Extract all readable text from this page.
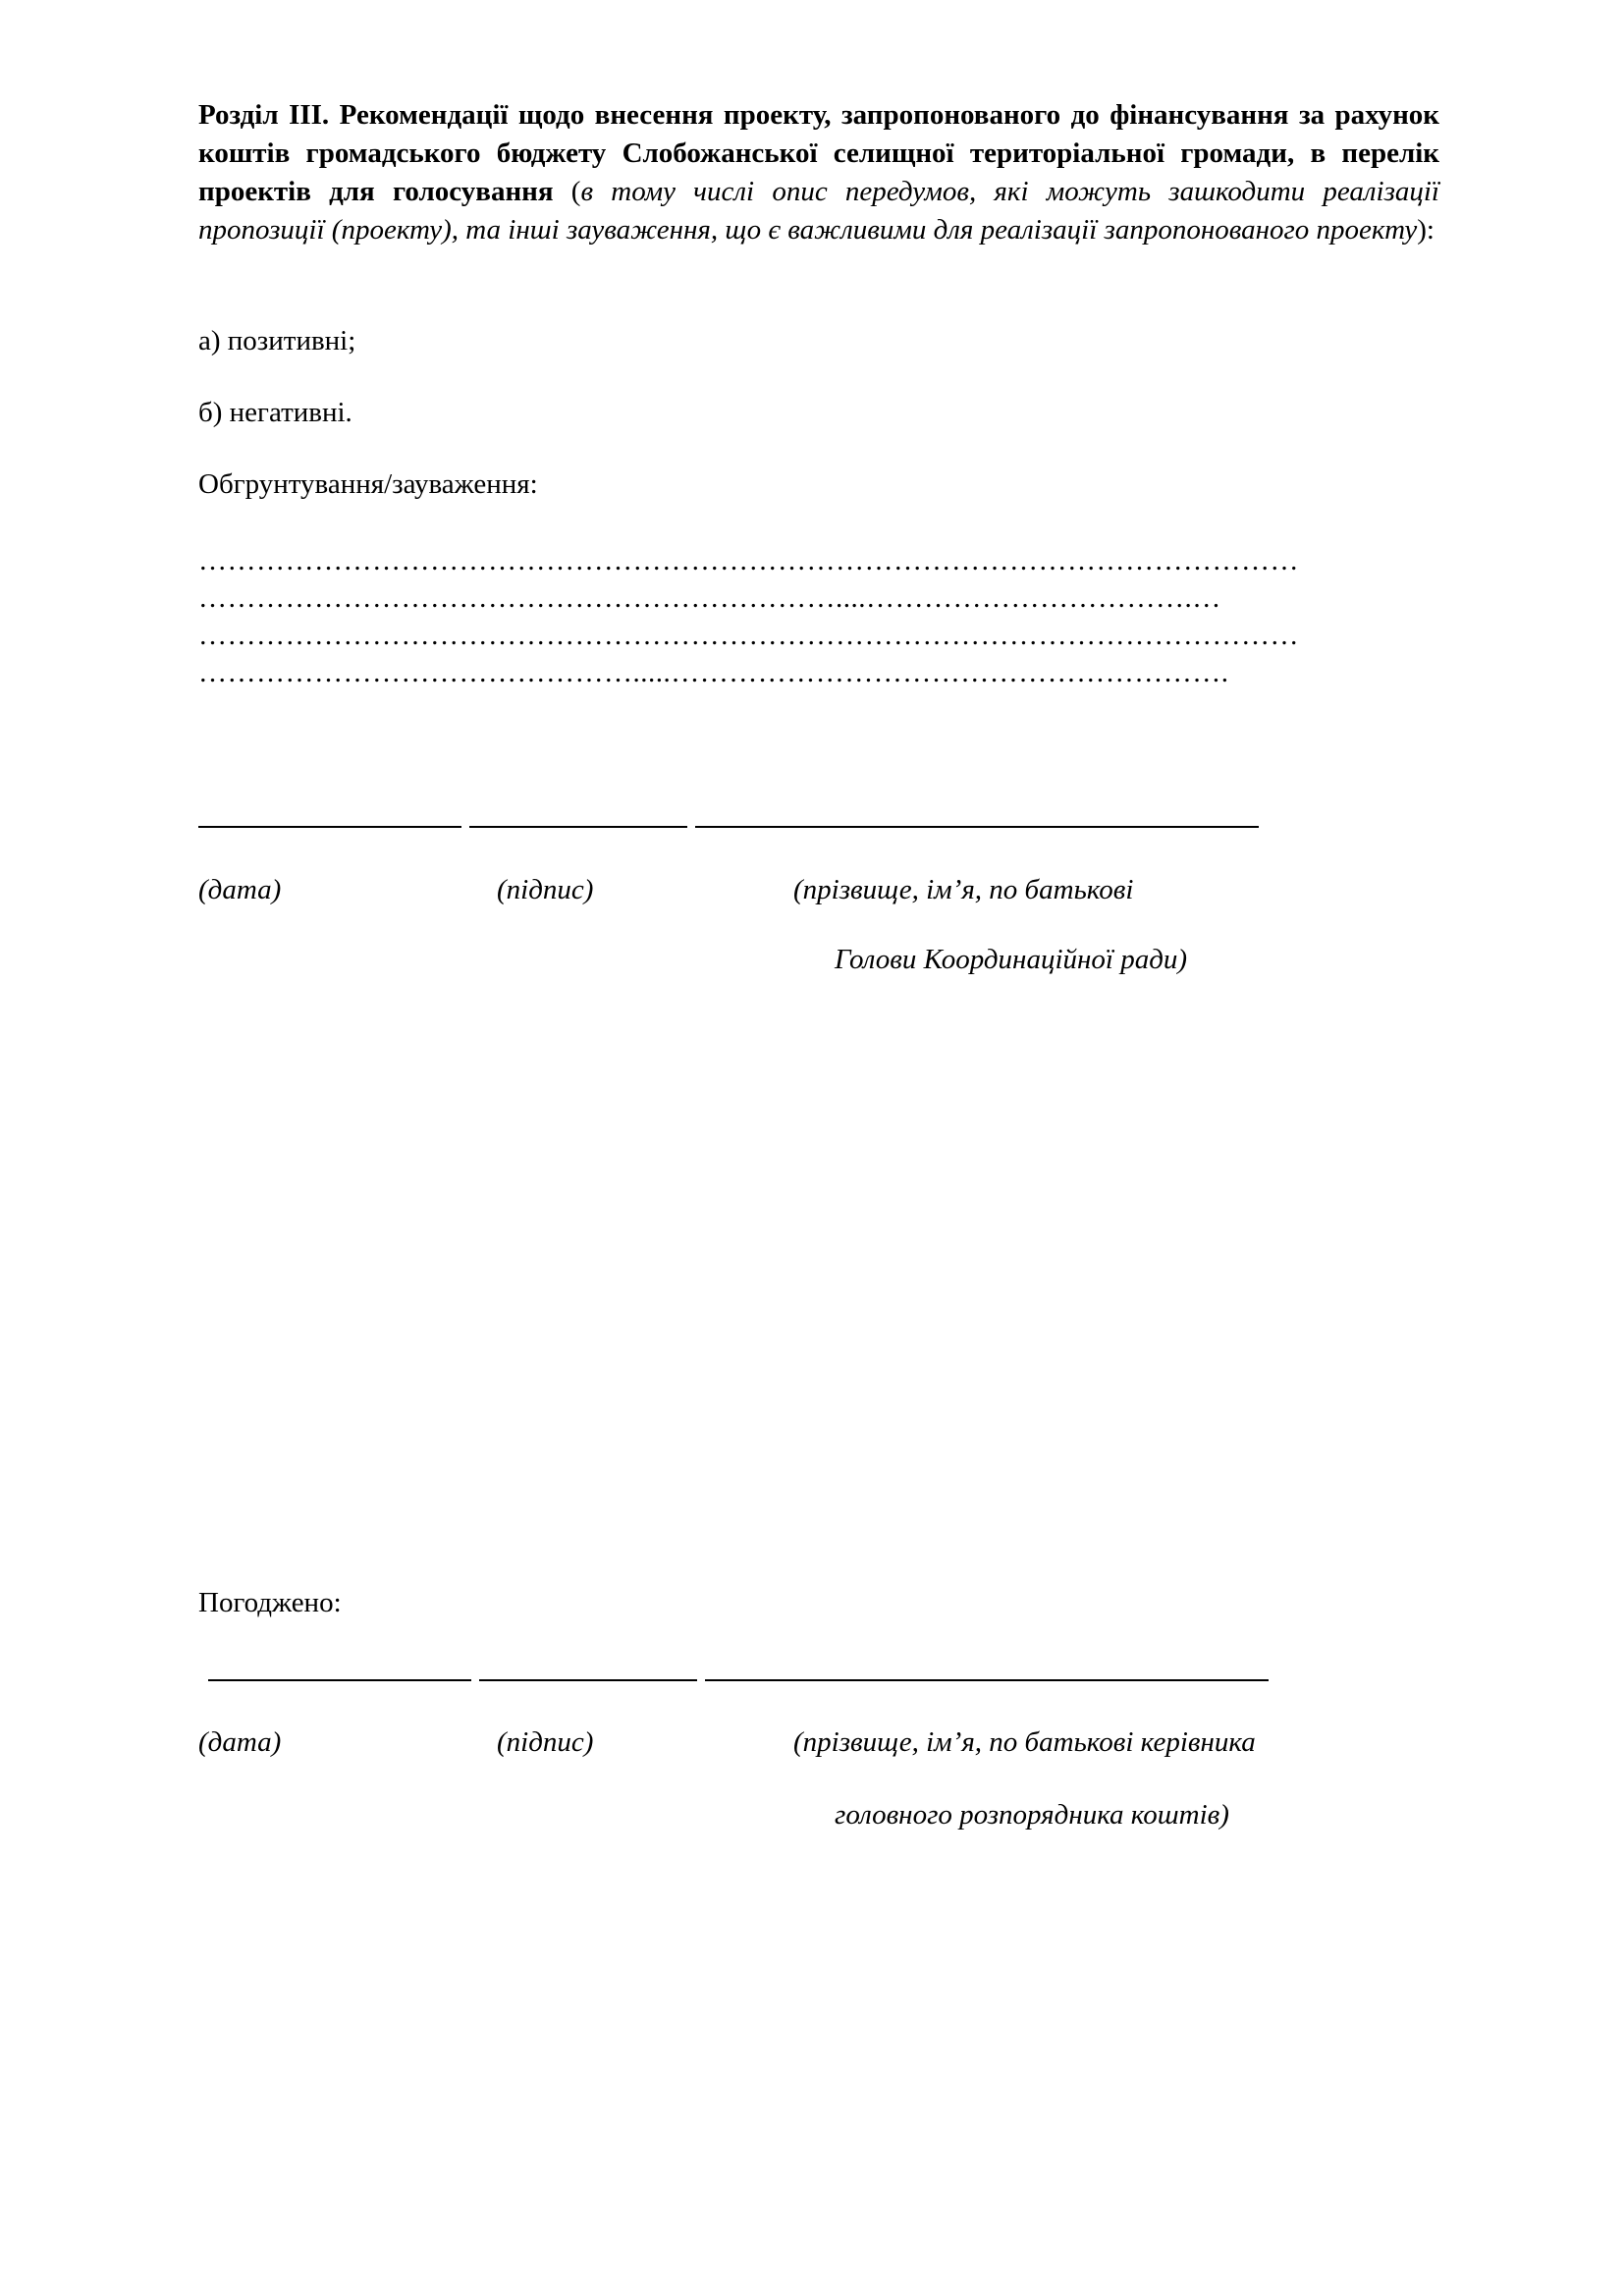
Розділ ІІІ. Рекомендації щодо внесення проекту, запропонованого до фінансування за рахунок коштів громадського бюджету Слобожанської селищної територіальної громади, в перелік проектів для голосування (в тому числі опис передумов, які можуть зашкодити реалізації пропозиції (проекту), та інші зауваження, що є важливими для реалізації запропонованого проекту):
а) позитивні;
б) негативні.
Обгрунтування/зауваження:
……………………………………………………………………………………………………
…………………………………………………………....…………………………….…
……………………………………………………………………………………………………
……………………………………….....………………………………………………….
(дата)	(підпис)	(прізвище, ім’я, по батькові
Голови Координаційної ради)
Погоджено:
(дата)	(підпис)	(прізвище, ім’я, по батькові керівника
головного розпорядника коштів)
